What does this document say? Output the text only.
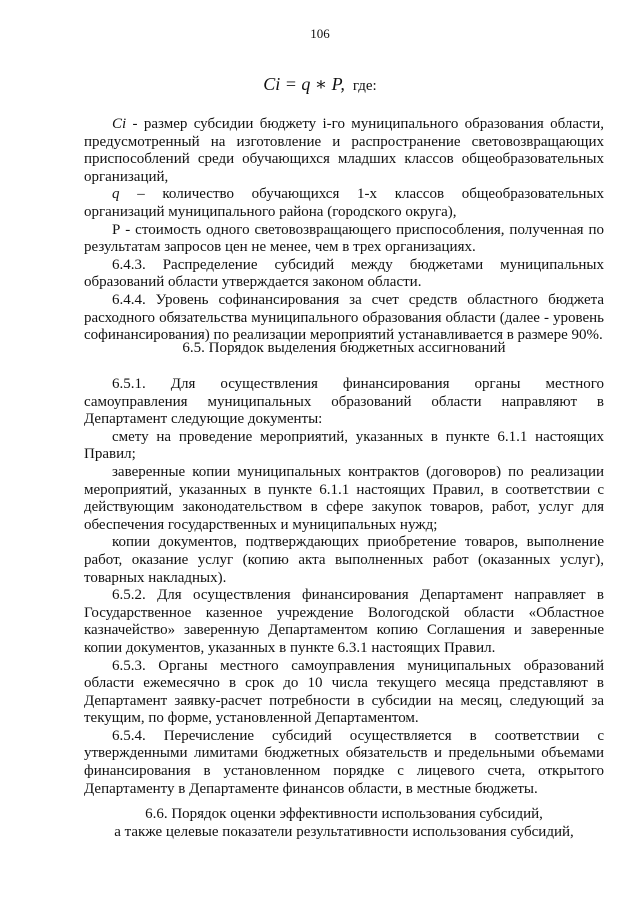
106
Ci = q ∗ P, где:

Ci - размер субсидии бюджету i-го муниципального образования области, предусмотренный на изготовление и распространение световозвращающих приспособлений среди обучающихся младших классов общеобразовательных организаций,

q – количество обучающихся 1-х классов общеобразовательных организаций муниципального района (городского округа),

Р - стоимость одного световозвращающего приспособления, полученная по результатам запросов цен не менее, чем в трех организациях.

6.4.3. Распределение субсидий между бюджетами муниципальных образований области утверждается законом области.

6.4.4. Уровень софинансирования за счет средств областного бюджета расходного обязательства муниципального образования области (далее - уровень софинансирования) по реализации мероприятий устанавливается в размере 90%.

6.5. Порядок выделения бюджетных ассигнований

6.5.1. Для осуществления финансирования органы местного самоуправления муниципальных образований области направляют в Департамент следующие документы:

смету на проведение мероприятий, указанных в пункте 6.1.1 настоящих Правил;

заверенные копии муниципальных контрактов (договоров) по реализации мероприятий, указанных в пункте 6.1.1 настоящих Правил, в соответствии с действующим законодательством в сфере закупок товаров, работ, услуг для обеспечения государственных и муниципальных нужд;

копии документов, подтверждающих приобретение товаров, выполнение работ, оказание услуг (копию акта выполненных работ (оказанных услуг), товарных накладных).

6.5.2. Для осуществления финансирования Департамент направляет в Государственное казенное учреждение Вологодской области «Областное казначейство» заверенную Департаментом копию Соглашения и заверенные копии документов, указанных в пункте 6.3.1 настоящих Правил.

6.5.3. Органы местного самоуправления муниципальных образований области ежемесячно в срок до 10 числа текущего месяца представляют в Департамент заявку-расчет потребности в субсидии на месяц, следующий за текущим, по форме, установленной Департаментом.

6.5.4. Перечисление субсидий осуществляется в соответствии с утвержденными лимитами бюджетных обязательств и предельными объемами финансирования в установленном порядке с лицевого счета, открытого Департаменту в Департаменте финансов области, в местные бюджеты.

6.6. Порядок оценки эффективности использования субсидий,
а также целевые показатели результативности использования субсидий,
